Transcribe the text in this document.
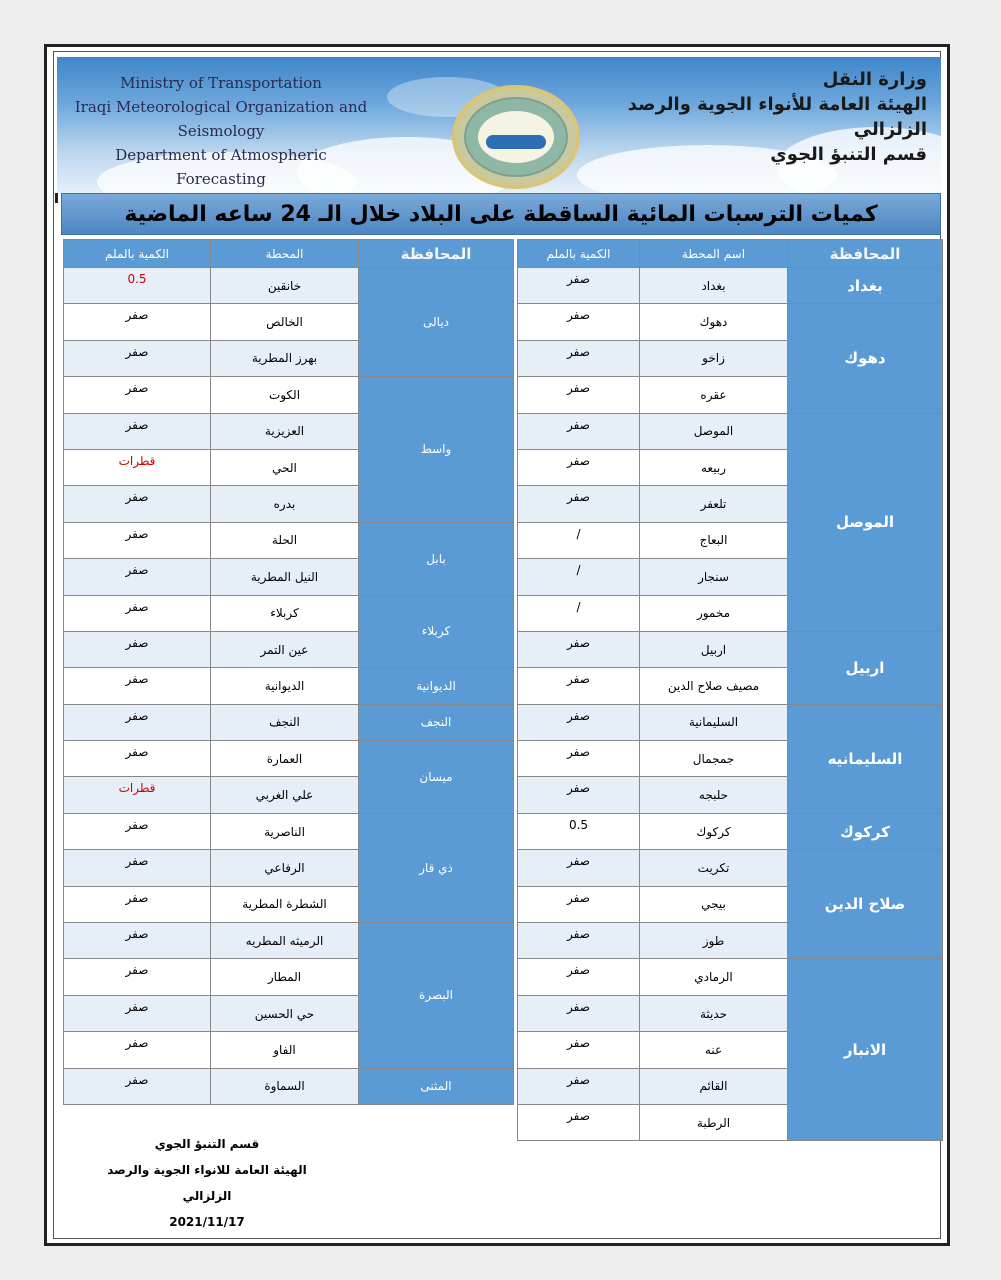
Ministry of Transportation
Iraqi Meteorological Organization and Seismology
Department of Atmospheric Forecasting
وزارة النقل
الهيئة العامة للأنواء الجوية والرصد الزلزالي
قسم التنبؤ الجوي
كميات الترسبات المائية الساقطة على البلاد خلال الـ 24 ساعه الماضية
المحافظة	اسم المحطة	الكمية بالملم
بغداد	بغداد	صفر
دهوك	دهوك	صفر
	زاخو	صفر
	عقره	صفر
الموصل	الموصل	صفر
	ربيعه	صفر
	تلعفر	صفر
	البعاج	/
	سنجار	/
	مخمور	/
اربيل	اربيل	صفر
	مصيف صلاح الدين	صفر
السليمانيه	السليمانية	صفر
	جمجمال	صفر
	حلبجه	صفر
كركوك	كركوك	0.5
صلاح الدين	تكريت	صفر
	بيجي	صفر
	طوز	صفر
الانبار	الرمادي	صفر
	حديثة	صفر
	عنه	صفر
	القائم	صفر
	الرطبة	صفر
المحافظة	المحطة	الكمية بالملم
ديالى	خانقين	0.5
	الخالص	صفر
	بهرز المطرية	صفر
واسط	الكوت	صفر
	العزيزية	صفر
	الحي	قطرات
	بدره	صفر
بابل	الحلة	صفر
	النيل المطرية	صفر
كربلاء	كربلاء	صفر
	عين التمر	صفر
الديوانية	الديوانية	صفر
النجف	النجف	صفر
ميسان	العمارة	صفر
	علي الغربي	قطرات
ذي قار	الناصرية	صفر
	الرفاعي	صفر
	الشطرة المطرية	صفر
البصرة	الرميثه المطريه	صفر
	المطار	صفر
	حي الحسين	صفر
	الفاو	صفر
المثنى	السماوة	صفر
قسم التنبؤ الجوي
الهيئة العامة للانواء الجوية والرصد الزلزالي
2021/11/17
